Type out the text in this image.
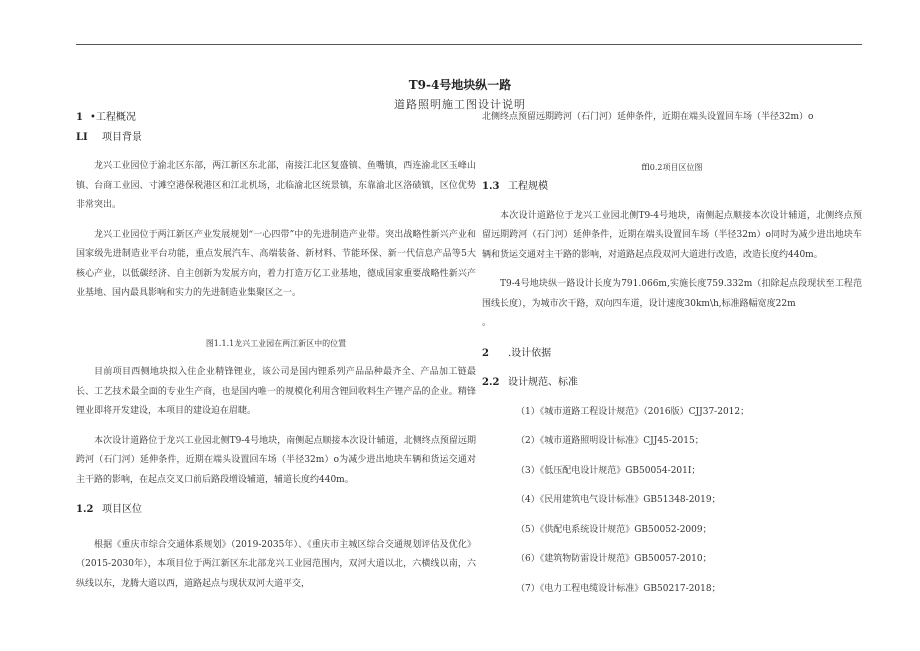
T9-4号地块纵一路
道路照明施工图设计说明

1 •工程概况

LI 项目背景

龙兴工业园位于渝北区东部，两江新区东北部，南接江北区复盛镇、鱼嘴镇，西连渝北区玉峰山镇、台商工业园、寸滩空港保税港区和江北机场，北临渝北区统景镇，东靠渝北区洛碛镇，区位优势非常突出。

龙兴工业园位于两江新区产业发展规划“一心四带”中的先进制造产业带。突出战略性新兴产业和国家级先进制造业平台功能，重点发展汽车、高端装备、新材料、节能环保、新一代信息产品等5大核心产业，以低碳经济、自主创新为发展方向，着力打造万亿工业基地，德成国家重要战略性新兴产业基地、国内最具影响和实力的先进制造业集聚区之一。

图1.1.1龙兴工业园在两江新区中的位置

目前项目西侧地块拟入住企业精锋锂业，该公司是国内锂系列产品品种最齐全、产品加工链最长、工艺技术最全面的专业生产商，也是国内唯一的规模化利用含锂回收料生产锂产品的企业。精锋锂业即将开发建设，本项目的建设迫在眉睫。

本次设计道路位于龙兴工业园北侧T9-4号地块，南侧起点顺接本次设计辅道，北侧终点预留远期跨河（石门河）延伸条件，近期在端头设置回车场（半径32m）o为减少进出地块车辆和货运交通对主干路的影响，在起点交叉口前后路段增设辅道，辅道长度约440m。

1.2 项目区位

根据《重庆市综合交通体系规划》（2019-2035年）、《重庆市主城区综合交通规划评估及优化》（2015-2030年），本项目位于两江新区东北部龙兴工业园范围内，双河大道以北，六横线以南，六纵线以东，龙腾大道以西，道路起点与现状双河大道平交，

北侧终点预留远期跨河（石门河）延伸条件，近期在端头设置回车场（半径32m）o

ffl0.2项目区位图

1.3 工程规模

本次设计道路位于龙兴工业园北侧T9-4号地块，南侧起点顺接本次设计辅道，北侧终点预留远期跨河（石门河）延伸条件，近期在端头设置回车场（半径32m）o同时为减少进出地块车辆和货运交通对主干路的影响，对道路起点段双河大道进行改造，改造长度约440m。

T9-4号地块纵一路设计长度为791.066m,实施长度759.332m（扣除起点段现状至工程范围线长度），为城市次干路，双向四车道，设计速度30km\h,标准路幅宽度22m

。

2 .设计依据

2.2 设计规范、标准

（1）《城市道路工程设计规范》（2016版）CJJ37-2012；

（2）《城市道路照明设计标准》CJJ45-2015；

（3）《低压配电设计规范》GB50054-201I；

（4）《民用建筑电气设计标准》GB51348-2019；

（5）《供配电系统设计规范》GB50052-2009；

（6）《建筑物防雷设计规范》GB50057-2010；

（7）《电力工程电缆设计标准》GB50217-2018；
